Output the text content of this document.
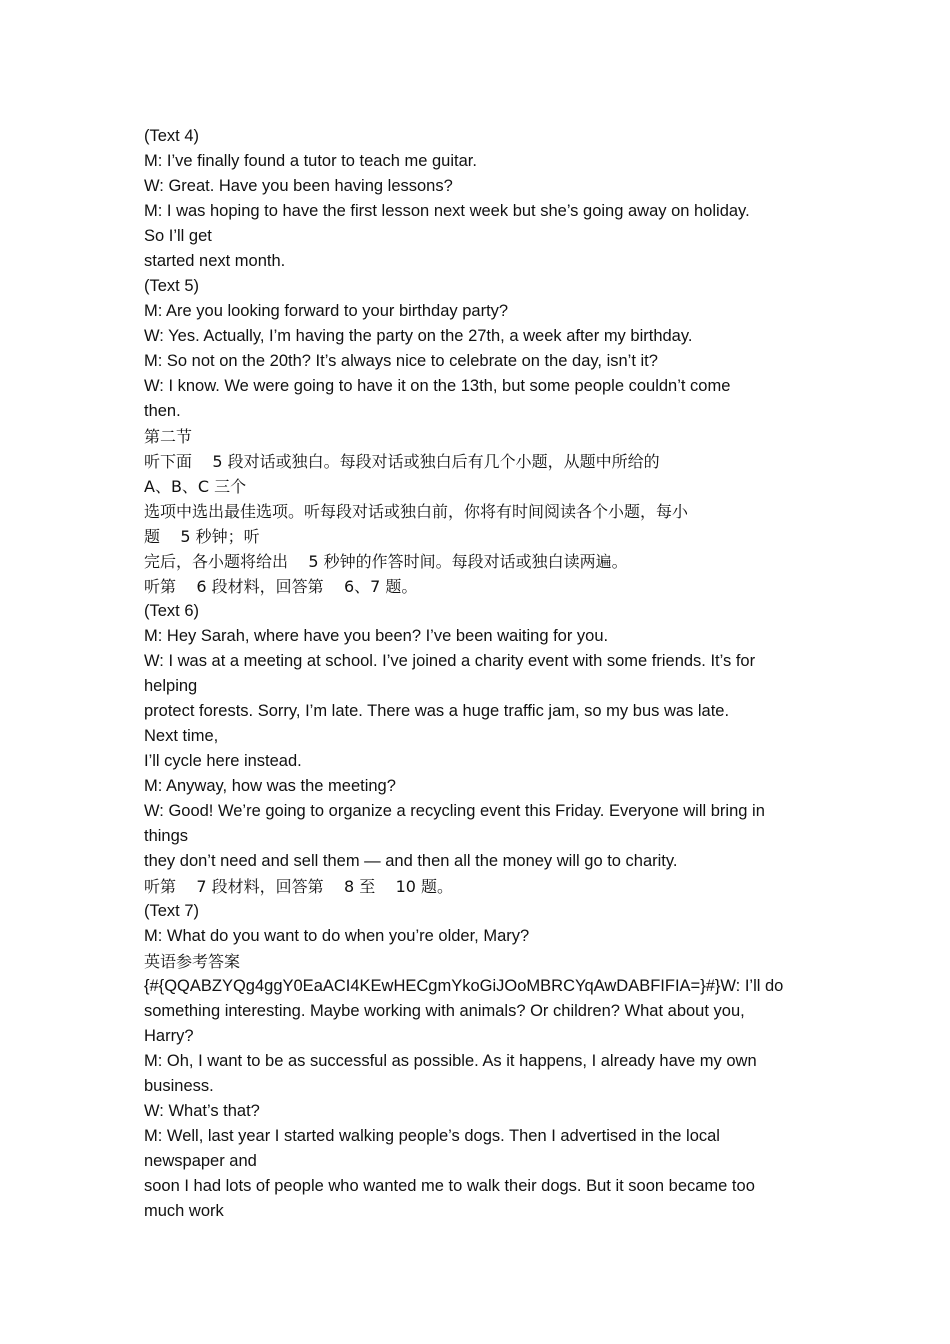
(Text 4)
M: I’ve finally found a tutor to teach me guitar.
W: Great. Have you been having lessons?
M: I was hoping to have the first lesson next week but she’s going away on holiday.
So I’ll get
started next month.
(Text 5)
M: Are you looking forward to your birthday party?
W: Yes. Actually, I’m having the party on the 27th, a week after my birthday.
M: So not on the 20th? It’s always nice to celebrate on the day, isn’t it?
W: I know. We were going to have it on the 13th, but some people couldn’t come
then.
第二节
听下面    5 段对话或独白。每段对话或独白后有几个小题，从题中所给的
A、B、C 三个
选项中选出最佳选项。听每段对话或独白前，你将有时间阅读各个小题，每小
题    5 秒钟；听
完后，各小题将给出    5 秒钟的作答时间。每段对话或独白读两遍。
听第    6 段材料，回答第    6、7 题。
(Text 6)
M: Hey Sarah, where have you been? I’ve been waiting for you.
W: I was at a meeting at school. I’ve joined a charity event with some friends. It’s for
helping
protect forests. Sorry, I’m late. There was a huge traffic jam, so my bus was late.
Next time,
I’ll cycle here instead.
M: Anyway, how was the meeting?
W: Good! We’re going to organize a recycling event this Friday. Everyone will bring in
things
they don’t need and sell them — and then all the money will go to charity.
听第    7 段材料，回答第    8 至    10 题。
(Text 7)
M: What do you want to do when you’re older, Mary?
英语参考答案
{#{QQABZYQg4ggY0EaACI4KEwHECgmYkoGiJOoMBRCYqAwDABFIFIA=}#}W: I’ll do
something interesting. Maybe working with animals? Or children? What about you,
Harry?
M: Oh, I want to be as successful as possible. As it happens, I already have my own
business.
W: What’s that?
M: Well, last year I started walking people’s dogs. Then I advertised in the local
newspaper and
soon I had lots of people who wanted me to walk their dogs. But it soon became too
much work
